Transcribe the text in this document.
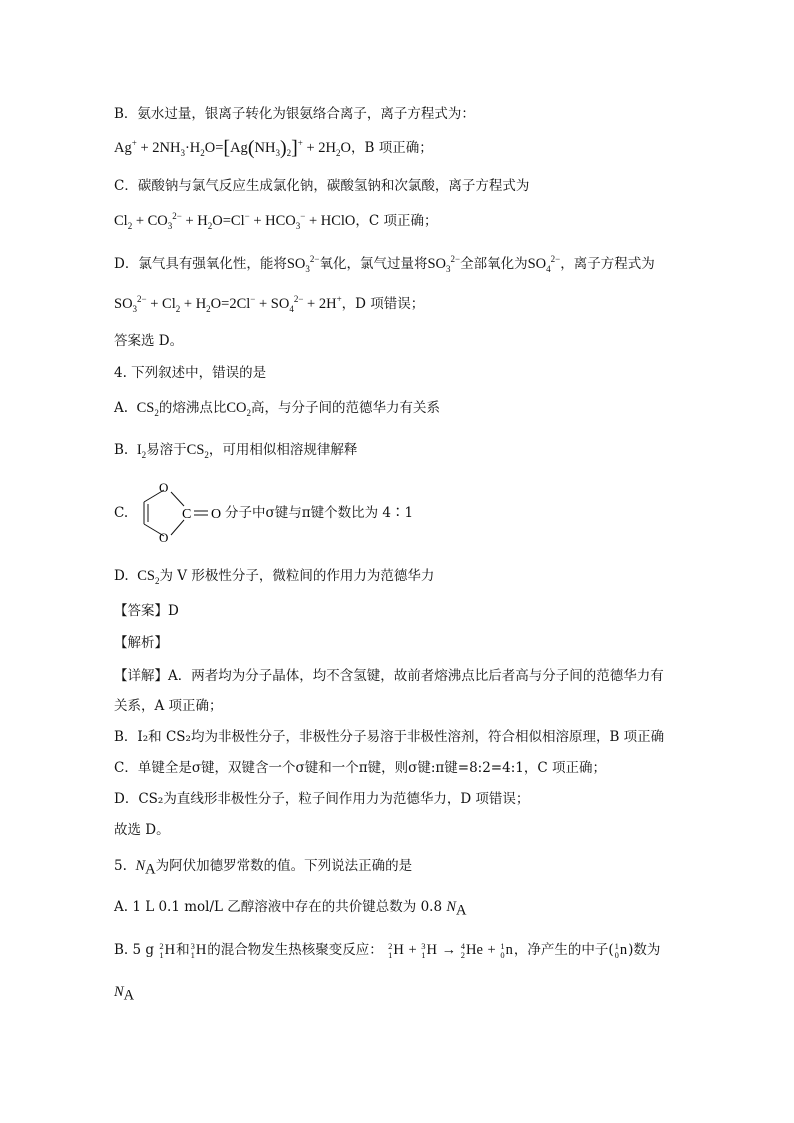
B．氨水过量，银离子转化为银氨络合离子，离子方程式为：
$Ag^+ + 2NH_3\cdot H_2O=[Ag(NH_3)_2]^+ + 2H_2O$，B 项正确；
C．碳酸钠与氯气反应生成氯化钠，碳酸氢钠和次氯酸，离子方程式为
$Cl_2 + CO_3^{2-} + H_2O=Cl^- + HCO_3^-$ + HClO，C 项正确；
D．氯气具有强氧化性，能将$SO_3^{2-}$氧化，氯气过量将$SO_3^{2-}$全部氧化为$SO_4^{2-}$，离子方程式为
$SO_3^{2-} + Cl_2 + H_2O=2Cl^- + SO_4^{2-} + 2H^+$，D 项错误；
答案选 D。
4. 下列叙述中，错误的是
A. $CS_2$的熔沸点比$CO_2$高，与分子间的范德华力有关系
B. $I_2$易溶于$CS_2$，可用相似相溶规律解释
C.
O
O
C O 分子中σ键与π键个数比为 4∶1
D. $CS_2$为 V 形极性分子，微粒间的作用力为范德华力
【答案】D
【解析】
【详解】A．两者均为分子晶体，均不含氢键，故前者熔沸点比后者高与分子间的范德华力有
关系，A 项正确；
B．I₂和 CS₂均为非极性分子，非极性分子易溶于非极性溶剂，符合相似相溶原理，B 项正确
C．单键全是σ键，双键含一个σ键和一个π键，则σ键:π键=8:2=4:1，C 项正确；
D．CS₂为直线形非极性分子，粒子间作用力为范德华力，D 项错误；
故选 D。
5.  $N_A$为阿伏加德罗常数的值。下列说法正确的是
A. 1 L 0.1 mol/L 乙醇溶液中存在的共价键总数为 0.8 $N_A$
B. 5 g 2
1 H和 3
1 H的混合物发生热核聚变反应： 2
1 H + 3
1 H → 4
2 He + 1
0 n，净产生的中子( 1
0 n)数为
$N_A$
